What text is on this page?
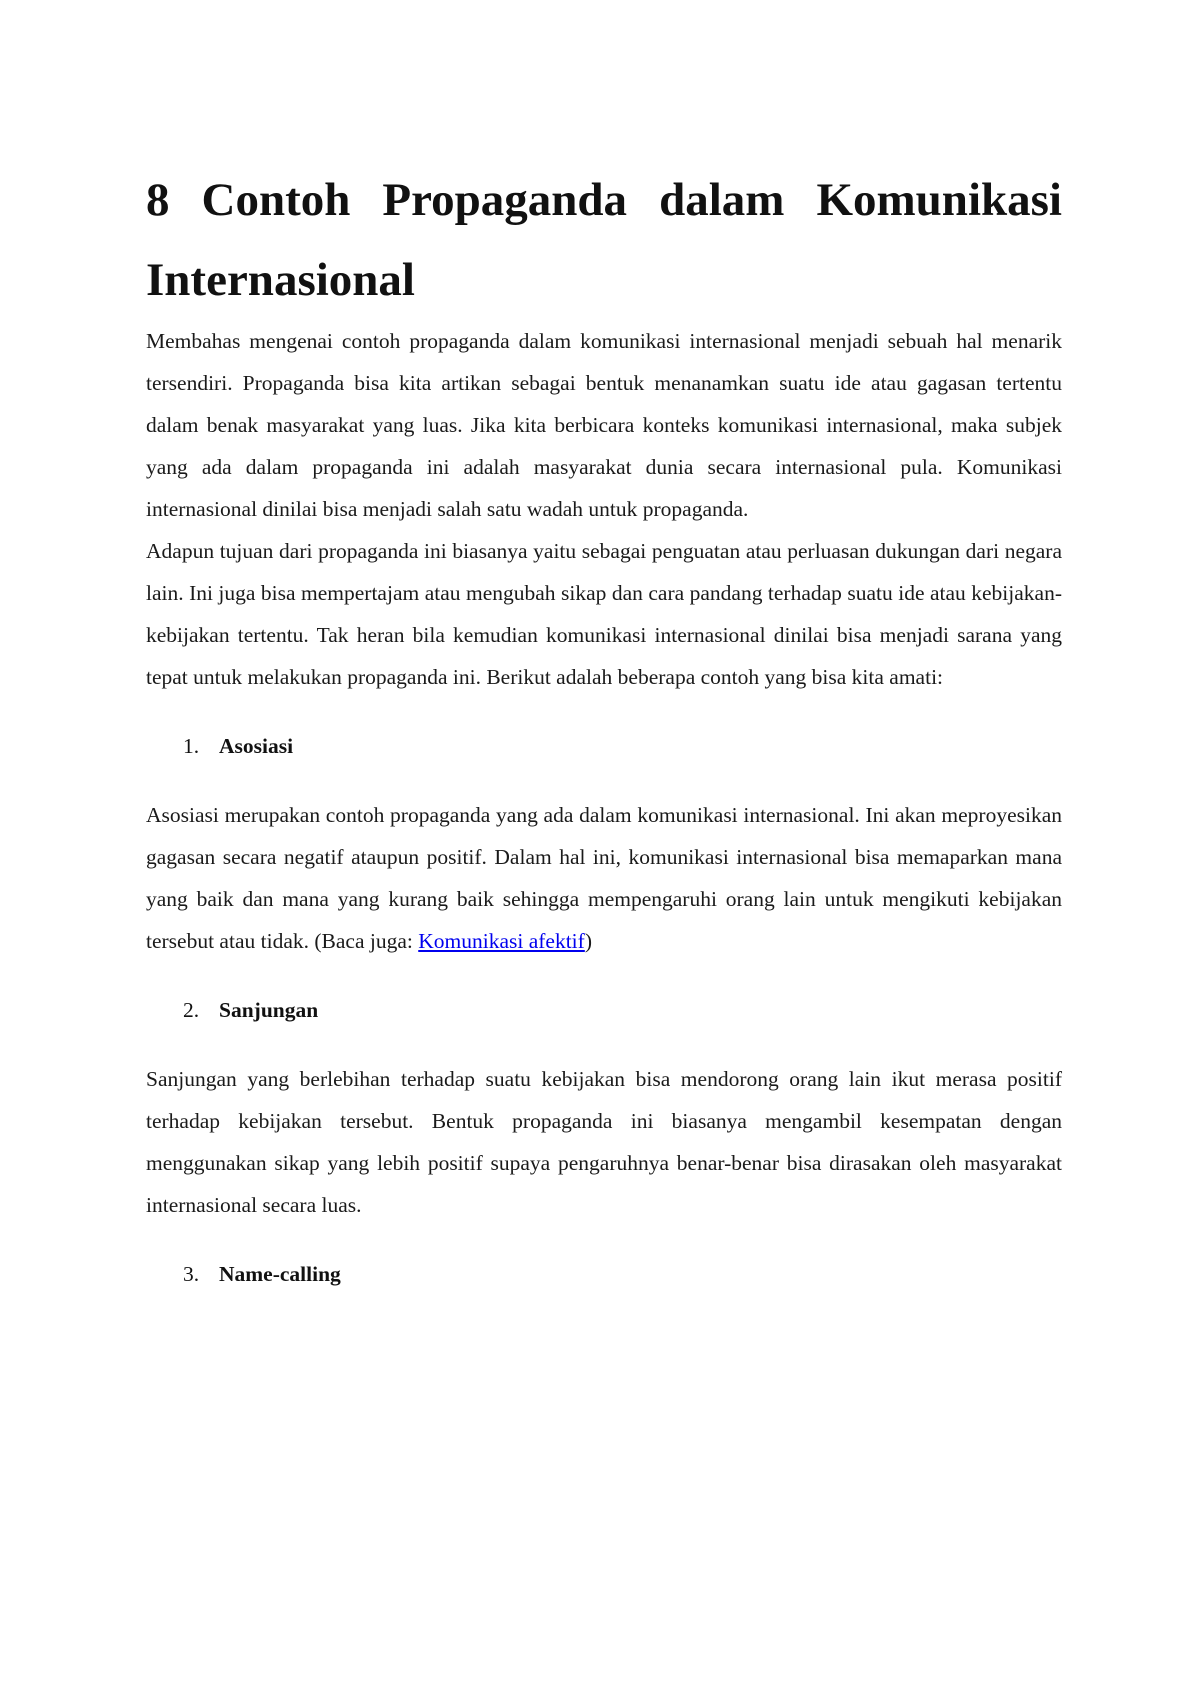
8 Contoh Propaganda dalam Komunikasi Internasional

Membahas mengenai contoh propaganda dalam komunikasi internasional menjadi sebuah hal menarik tersendiri. Propaganda bisa kita artikan sebagai bentuk menanamkan suatu ide atau gagasan tertentu dalam benak masyarakat yang luas. Jika kita berbicara konteks komunikasi internasional, maka subjek yang ada dalam propaganda ini adalah masyarakat dunia secara internasional pula. Komunikasi internasional dinilai bisa menjadi salah satu wadah untuk propaganda.

Adapun tujuan dari propaganda ini biasanya yaitu sebagai penguatan atau perluasan dukungan dari negara lain. Ini juga bisa mempertajam atau mengubah sikap dan cara pandang terhadap suatu ide atau kebijakan-kebijakan tertentu. Tak heran bila kemudian komunikasi internasional dinilai bisa menjadi sarana yang tepat untuk melakukan propaganda ini. Berikut adalah beberapa contoh yang bisa kita amati:

1. Asosiasi

Asosiasi merupakan contoh propaganda yang ada dalam komunikasi internasional. Ini akan meproyesikan gagasan secara negatif ataupun positif. Dalam hal ini, komunikasi internasional bisa memaparkan mana yang baik dan mana yang kurang baik sehingga mempengaruhi orang lain untuk mengikuti kebijakan tersebut atau tidak. (Baca juga: Komunikasi afektif)

2. Sanjungan

Sanjungan yang berlebihan terhadap suatu kebijakan bisa mendorong orang lain ikut merasa positif terhadap kebijakan tersebut. Bentuk propaganda ini biasanya mengambil kesempatan dengan menggunakan sikap yang lebih positif supaya pengaruhnya benar-benar bisa dirasakan oleh masyarakat internasional secara luas.

3. Name-calling
